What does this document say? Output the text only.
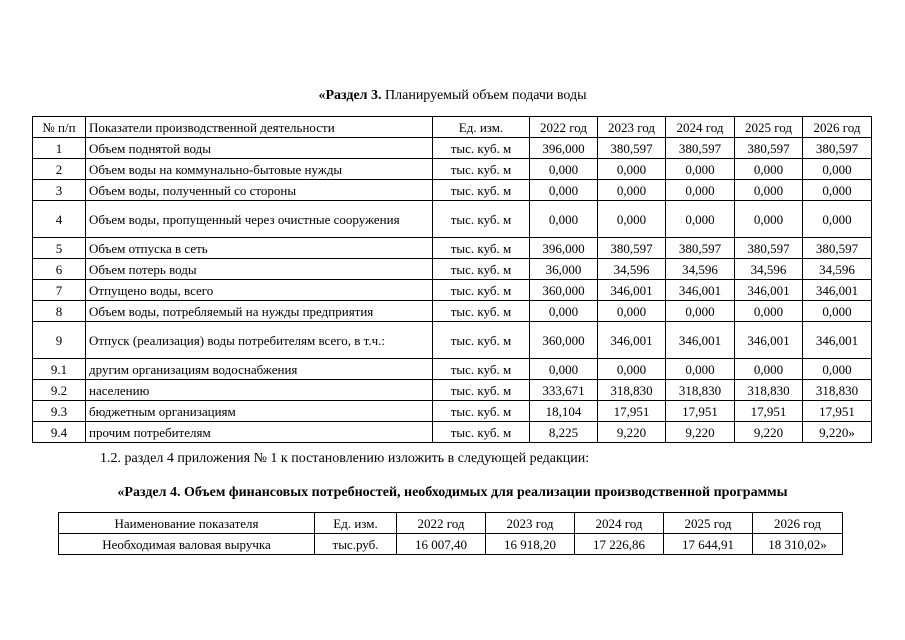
«Раздел 3. Планируемый объем подачи воды
№ п/п	Показатели производственной деятельности	Ед. изм.	2022 год	2023 год	2024 год	2025 год	2026 год
1	Объем поднятой воды	тыс. куб. м	396,000	380,597	380,597	380,597	380,597
2	Объем воды на коммунально-бытовые нужды	тыс. куб. м	0,000	0,000	0,000	0,000	0,000
3	Объем воды, полученный со стороны	тыс. куб. м	0,000	0,000	0,000	0,000	0,000
4	Объем воды, пропущенный через очистные сооружения	тыс. куб. м	0,000	0,000	0,000	0,000	0,000
5	Объем отпуска в сеть	тыс. куб. м	396,000	380,597	380,597	380,597	380,597
6	Объем потерь воды	тыс. куб. м	36,000	34,596	34,596	34,596	34,596
7	Отпущено воды, всего	тыс. куб. м	360,000	346,001	346,001	346,001	346,001
8	Объем воды, потребляемый на нужды предприятия	тыс. куб. м	0,000	0,000	0,000	0,000	0,000
9	Отпуск (реализация) воды потребителям всего, в т.ч.:	тыс. куб. м	360,000	346,001	346,001	346,001	346,001
9.1	другим организациям водоснабжения	тыс. куб. м	0,000	0,000	0,000	0,000	0,000
9.2	населению	тыс. куб. м	333,671	318,830	318,830	318,830	318,830
9.3	бюджетным организациям	тыс. куб. м	18,104	17,951	17,951	17,951	17,951
9.4	прочим потребителям	тыс. куб. м	8,225	9,220	9,220	9,220	9,220»
1.2. раздел 4 приложения № 1 к постановлению изложить в следующей редакции:
«Раздел 4. Объем финансовых потребностей, необходимых для реализации производственной программы
Наименование показателя	Ед. изм.	2022 год	2023 год	2024 год	2025 год	2026 год
Необходимая валовая выручка	тыс.руб.	16 007,40	16 918,20	17 226,86	17 644,91	18 310,02»
